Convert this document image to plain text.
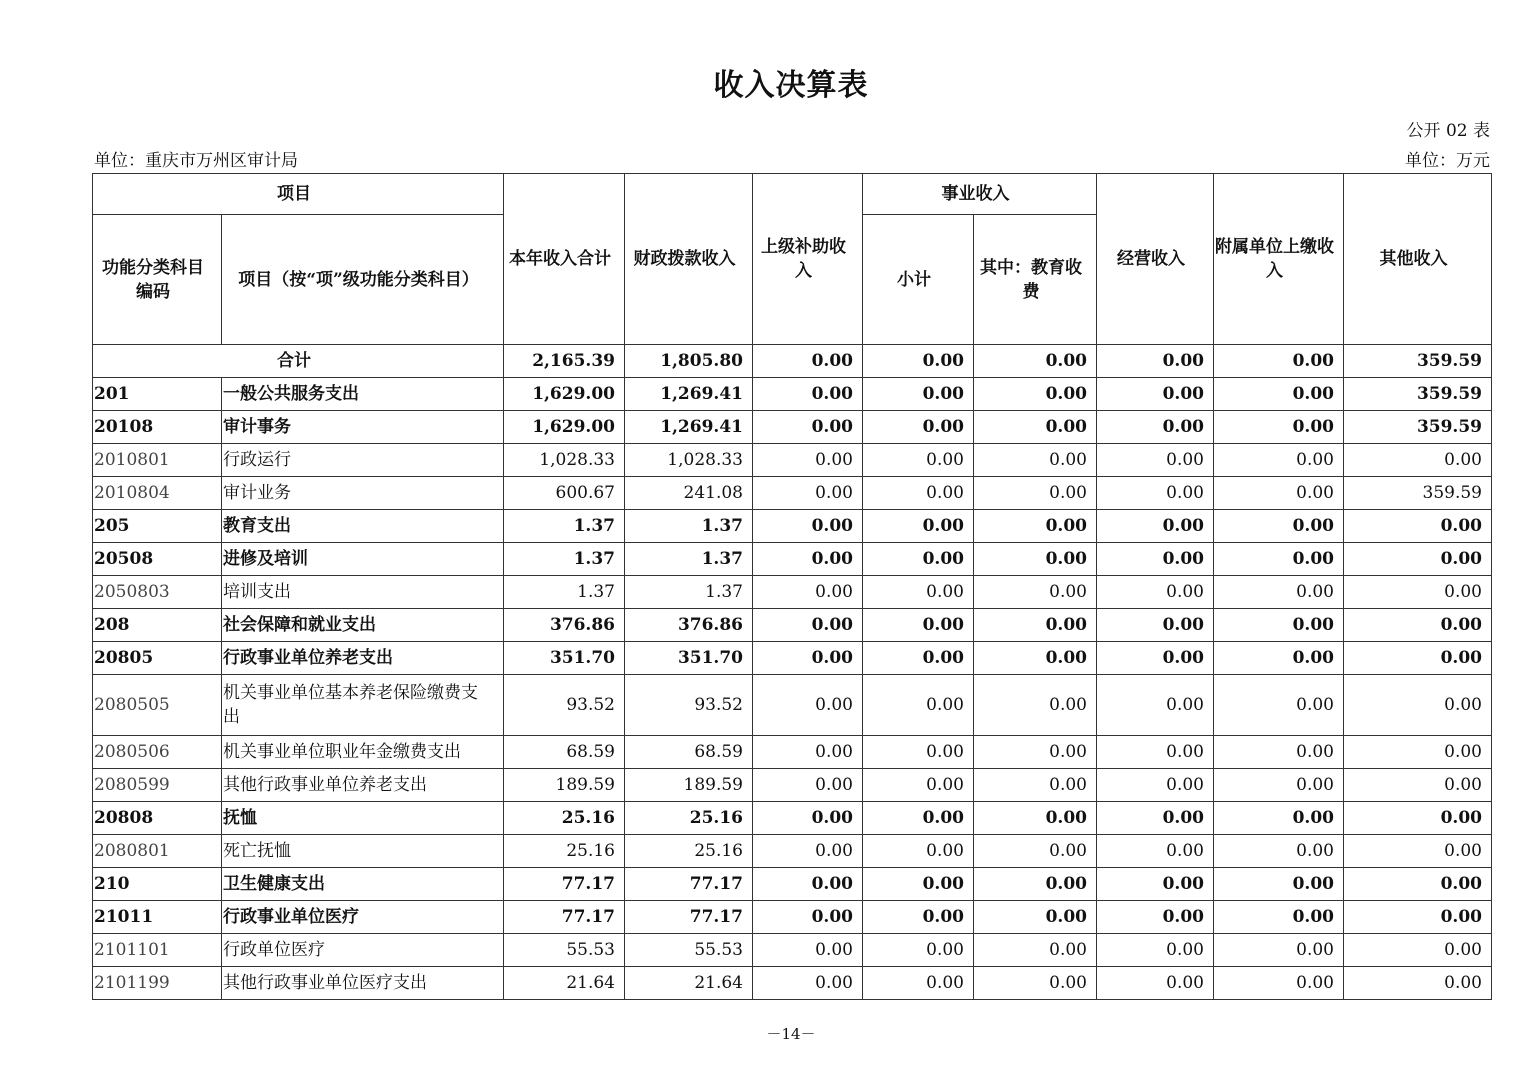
收入决算表
公开 02 表
单位：重庆市万州区审计局	单位：万元
项目		本年收入合计	财政拨款收入	上级补助收入	事业收入		经营收入	附属单位上缴收入	其他收入
功能分类科目编码	项目（按“项”级功能分类科目）				小计	其中：教育收费			
合计		2,165.39	1,805.80	0.00	0.00	0.00	0.00	0.00	359.59
201	一般公共服务支出	1,629.00	1,269.41	0.00	0.00	0.00	0.00	0.00	359.59
20108	审计事务	1,629.00	1,269.41	0.00	0.00	0.00	0.00	0.00	359.59
2010801	行政运行	1,028.33	1,028.33	0.00	0.00	0.00	0.00	0.00	0.00
2010804	审计业务	600.67	241.08	0.00	0.00	0.00	0.00	0.00	359.59
205	教育支出	1.37	1.37	0.00	0.00	0.00	0.00	0.00	0.00
20508	进修及培训	1.37	1.37	0.00	0.00	0.00	0.00	0.00	0.00
2050803	培训支出	1.37	1.37	0.00	0.00	0.00	0.00	0.00	0.00
208	社会保障和就业支出	376.86	376.86	0.00	0.00	0.00	0.00	0.00	0.00
20805	行政事业单位养老支出	351.70	351.70	0.00	0.00	0.00	0.00	0.00	0.00
2080505	机关事业单位基本养老保险缴费支出	93.52	93.52	0.00	0.00	0.00	0.00	0.00	0.00
2080506	机关事业单位职业年金缴费支出	68.59	68.59	0.00	0.00	0.00	0.00	0.00	0.00
2080599	其他行政事业单位养老支出	189.59	189.59	0.00	0.00	0.00	0.00	0.00	0.00
20808	抚恤	25.16	25.16	0.00	0.00	0.00	0.00	0.00	0.00
2080801	死亡抚恤	25.16	25.16	0.00	0.00	0.00	0.00	0.00	0.00
210	卫生健康支出	77.17	77.17	0.00	0.00	0.00	0.00	0.00	0.00
21011	行政事业单位医疗	77.17	77.17	0.00	0.00	0.00	0.00	0.00	0.00
2101101	行政单位医疗	55.53	55.53	0.00	0.00	0.00	0.00	0.00	0.00
2101199	其他行政事业单位医疗支出	21.64	21.64	0.00	0.00	0.00	0.00	0.00	0.00
－14－
